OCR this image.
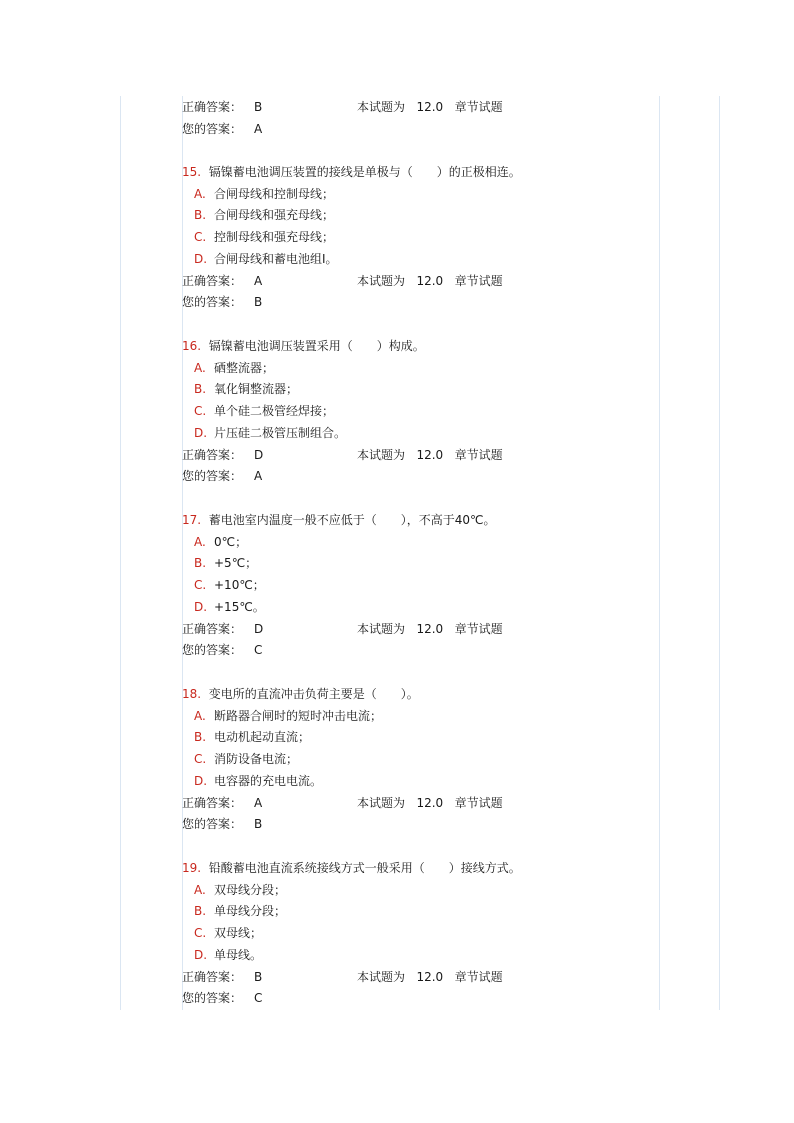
正确答案： B	本试题为 12.0 章节试题
您的答案： A
15. 镉镍蓄电池调压装置的接线是单极与（　　）的正极相连。
A. 合闸母线和控制母线；
B. 合闸母线和强充母线；
C. 控制母线和强充母线；
D. 合闸母线和蓄电池组Ⅰ。
正确答案： A	本试题为 12.0 章节试题
您的答案： B
16. 镉镍蓄电池调压装置采用（　　）构成。
A. 硒整流器；
B. 氧化铜整流器；
C. 单个硅二极管经焊接；
D. 片压硅二极管压制组合。
正确答案： D	本试题为 12.0 章节试题
您的答案： A
17. 蓄电池室内温度一般不应低于（　　），不高于40℃。
A. 0℃；
B. +5℃；
C. +10℃；
D. +15℃。
正确答案： D	本试题为 12.0 章节试题
您的答案： C
18. 变电所的直流冲击负荷主要是（　　）。
A. 断路器合闸时的短时冲击电流；
B. 电动机起动直流；
C. 消防设备电流；
D. 电容器的充电电流。
正确答案： A	本试题为 12.0 章节试题
您的答案： B
19. 铅酸蓄电池直流系统接线方式一般采用（　　）接线方式。
A. 双母线分段；
B. 单母线分段；
C. 双母线；
D. 单母线。
正确答案： B	本试题为 12.0 章节试题
您的答案： C
